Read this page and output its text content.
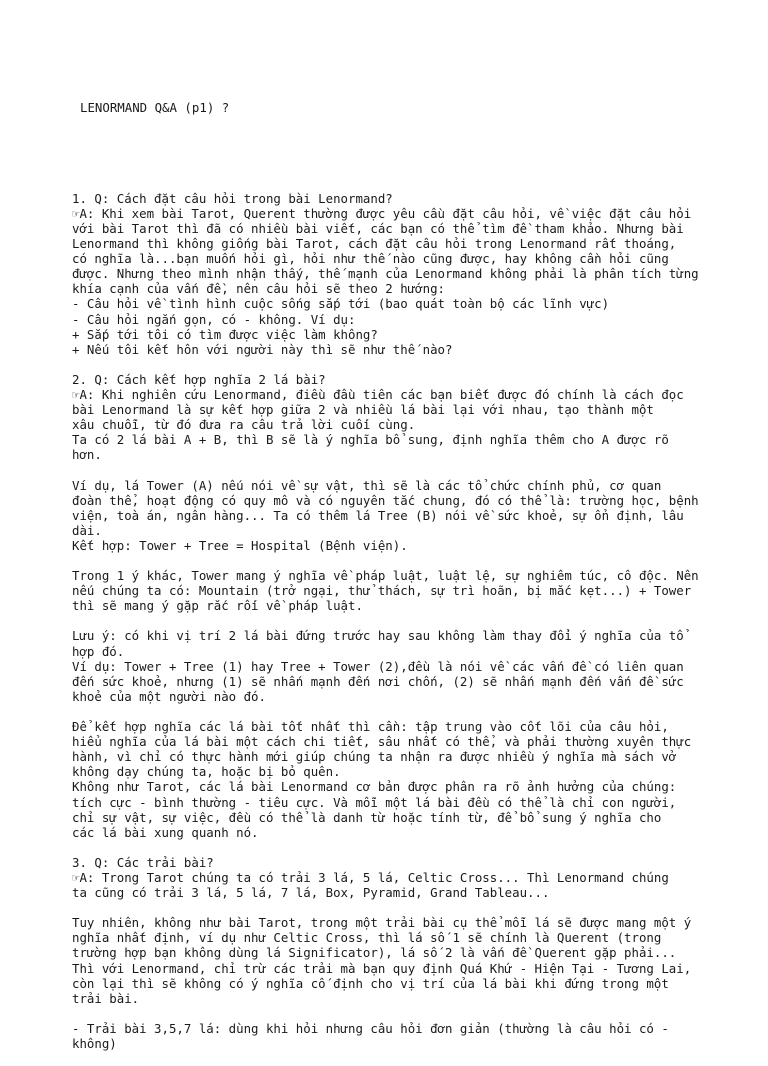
LENORMAND Q&A (p1) ?

1. Q: Cách đặt câu hỏi trong bài Lenormand?
☞A: Khi xem bài Tarot, Querent thường được yêu cầu đặt câu hỏi, về việc đặt câu hỏi
với bài Tarot thì đã có nhiều bài viết, các bạn có thể tìm đề tham khảo. Nhưng bài
Lenormand thì không giống bài Tarot, cách đặt câu hỏi trong Lenormand rất thoáng,
có nghĩa là...bạn muốn hỏi gì, hỏi như thế nào cũng được, hay không cần hỏi cũng
được. Nhưng theo mình nhận thấy, thế mạnh của Lenormand không phải là phân tích từng
khía cạnh của vấn đề, nên câu hỏi sẽ theo 2 hướng:
- Câu hỏi về tình hình cuộc sống sắp tới (bao quát toàn bộ các lĩnh vực)
- Câu hỏi ngắn gọn, có - không. Ví dụ:
+ Sắp tới tôi có tìm được việc làm không?
+ Nếu tôi kết hôn với người này thì sẽ như thế nào?
2. Q: Cách kết hợp nghĩa 2 lá bài?
☞A: Khi nghiên cứu Lenormand, điều đầu tiên các bạn biết được đó chính là cách đọc
bài Lenormand là sự kết hợp giữa 2 và nhiều lá bài lại với nhau, tạo thành một
xâu chuỗi, từ đó đưa ra câu trả lời cuối cùng.
Ta có 2 lá bài A + B, thì B sẽ là ý nghĩa bổ sung, định nghĩa thêm cho A được rõ
hơn.
Ví dụ, lá Tower (A) nếu nói về sự vật, thì sẽ là các tổ chức chính phủ, cơ quan
đoàn thể, hoạt động có quy mô và có nguyên tắc chung, đó có thể là: trường học, bệnh
viện, toà án, ngân hàng... Ta có thêm lá Tree (B) nói về sức khoẻ, sự ổn định, lâu
dài.
Kết hợp: Tower + Tree = Hospital (Bệnh viện).
Trong 1 ý khác, Tower mang ý nghĩa về pháp luật, luật lệ, sự nghiêm túc, cô độc. Nên
nếu chúng ta có: Mountain (trở ngại, thử thách, sự trì hoãn, bị mắc kẹt...) + Tower
thì sẽ mang ý gặp rắc rối về pháp luật.
Lưu ý: có khi vị trí 2 lá bài đứng trước hay sau không làm thay đổi ý nghĩa của tổ
hợp đó.
Ví dụ: Tower + Tree (1) hay Tree + Tower (2),đều là nói về các vấn đề có liên quan
đến sức khoẻ, nhưng (1) sẽ nhấn mạnh đến nơi chốn, (2) sẽ nhấn mạnh đến vấn đề sức
khoẻ của một người nào đó.
Để kết hợp nghĩa các lá bài tốt nhất thì cần: tập trung vào cốt lõi của câu hỏi,
hiểu nghĩa của lá bài một cách chi tiết, sâu nhất có thể, và phải thường xuyên thực
hành, vì chỉ có thực hành mới giúp chúng ta nhận ra được nhiều ý nghĩa mà sách vở
không dạy chúng ta, hoặc bị bỏ quên.
Không như Tarot, các lá bài Lenormand cơ bản được phân ra rõ ảnh hưởng của chúng:
tích cực - bình thường - tiêu cực. Và mỗi một lá bài đều có thể là chỉ con người,
chỉ sự vật, sự việc, đều có thể là danh từ hoặc tính từ, để bổ sung ý nghĩa cho
các lá bài xung quanh nó.
3. Q: Các trải bài?
☞A: Trong Tarot chúng ta có trải 3 lá, 5 lá, Celtic Cross... Thì Lenormand chúng
ta cũng có trải 3 lá, 5 lá, 7 lá, Box, Pyramid, Grand Tableau...
Tuy nhiên, không như bài Tarot, trong một trải bài cụ thể mỗi lá sẽ được mang một ý
nghĩa nhất định, ví dụ như Celtic Cross, thì lá số 1 sẽ chính là Querent (trong
trường hợp bạn không dùng lá Significator), lá số 2 là vấn đề Querent gặp phải...
Thì với Lenormand, chỉ trừ các trải mà bạn quy định Quá Khứ - Hiện Tại - Tương Lai,
còn lại thì sẽ không có ý nghĩa cố định cho vị trí của lá bài khi đứng trong một
trải bài.
- Trải bài 3,5,7 lá: dùng khi hỏi nhưng câu hỏi đơn giản (thường là câu hỏi có -
không)
